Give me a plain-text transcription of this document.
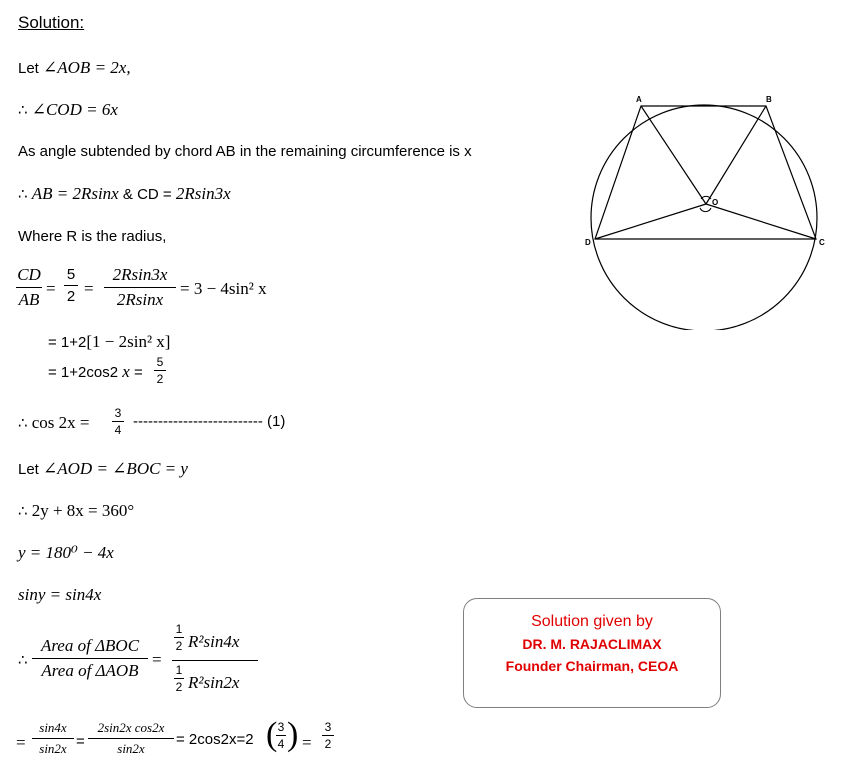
Solution:
Let ∠AOB = 2x,
∴ ∠COD = 6x
As angle subtended by chord AB in the remaining circumference is x
∴ AB = 2Rsinx & CD = 2Rsin3x
Where R is the radius,
CD
AB
=
5
2 =
2Rsin3x
2Rsinx
= 3 − 4sin² x
= 1+2[1 − 2sin² x]
= 1+2cos2 x =
5
2
∴ cos 2x = 3
4 -------------------------- (1)
Let ∠AOD = ∠BOC = y
∴ 2y + 8x = 360°
y = 180⁰ − 4x
siny = sin4x
∴
Area of ΔBOC
Area of ΔAOB
=
1
2 R²sin4x
1
2 R²sin2x
=
sin4x
sin2x =
2sin2x cos2x
sin2x
= 2cos2x=2 ( 3
4 ) =
3
2
A	B
C
D
O
Solution given by
DR. M. RAJACLIMAX
Founder Chairman, CEOA
